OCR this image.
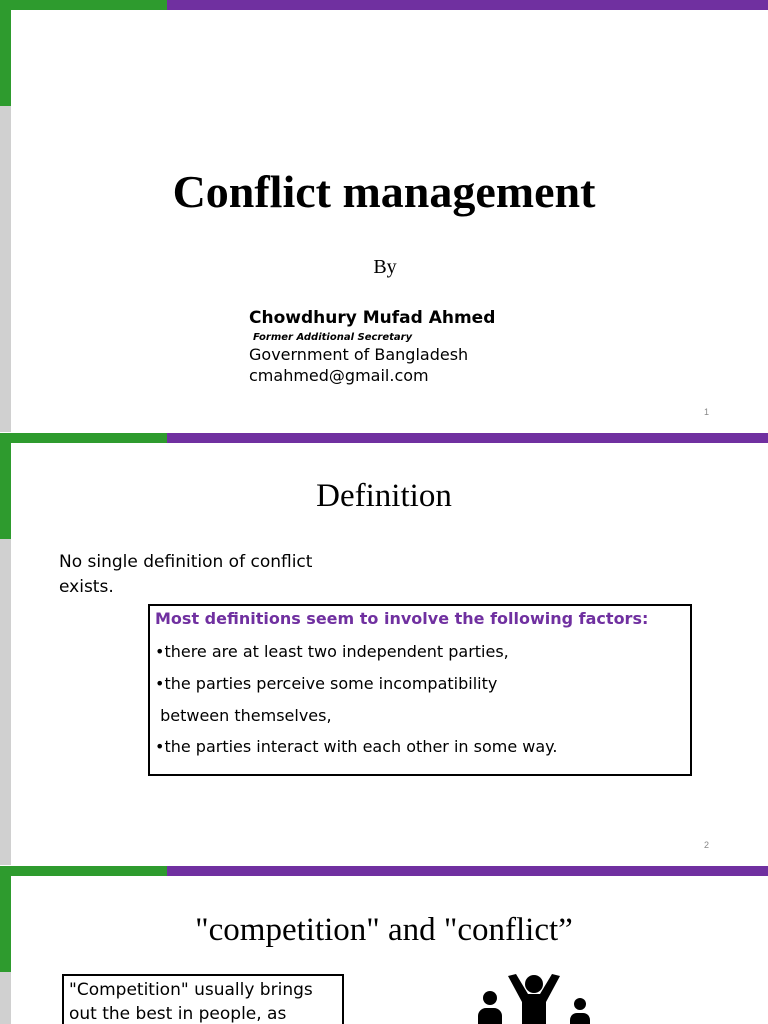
Conflict management
By
Chowdhury Mufad Ahmed
Former Additional Secretary
Government of Bangladesh
cmahmed@gmail.com
1
Definition
No single definition of conflict
exists.
Most definitions seem to involve the following factors:
•there are at least two independent parties,
•the parties perceive some incompatibility
between themselves,
•the parties interact with each other in some way.
2
"competition" and "conflict”
"Competition" usually brings
out the best in people, as
